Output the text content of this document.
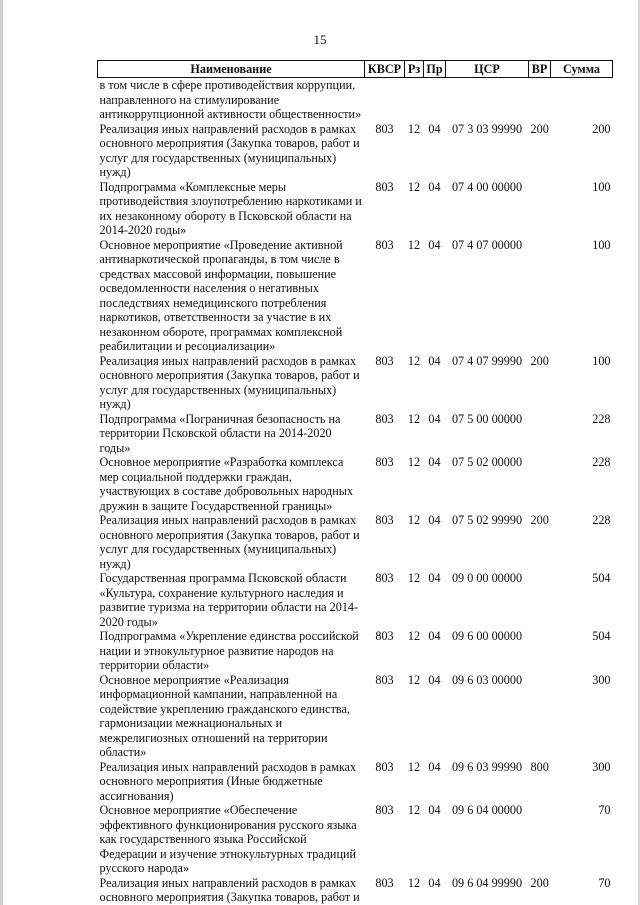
15
Наименование	КВСР	Рз	Пр	ЦСР	ВР	Сумма
в том числе в сфере противодействия коррупции, направленного на стимулирование антикоррупционной активности общественности»						
Реализация иных направлений расходов в рамках основного мероприятия (Закупка товаров, работ и услуг для государственных (муниципальных) нужд)	803	12	04	07 3 03 99990	200	200
Подпрограмма «Комплексные меры противодействия злоупотреблению наркотиками и их незаконному обороту в Псковской области на 2014-2020 годы»	803	12	04	07 4 00 00000		100
Основное мероприятие «Проведение активной антинаркотической пропаганды, в том числе в средствах массовой информации, повышение осведомленности населения о негативных последствиях немедицинского потребления наркотиков, ответственности за участие в их незаконном обороте, программах комплексной реабилитации и ресоциализации»	803	12	04	07 4 07 00000		100
Реализация иных направлений расходов в рамках основного мероприятия (Закупка товаров, работ и услуг для государственных (муниципальных) нужд)	803	12	04	07 4 07 99990	200	100
Подпрограмма «Пограничная безопасность на территории Псковской области на 2014-2020 годы»	803	12	04	07 5 00 00000		228
Основное мероприятие «Разработка комплекса мер социальной поддержки граждан, участвующих в составе добровольных народных дружин в защите Государственной границы»	803	12	04	07 5 02 00000		228
Реализация иных направлений расходов в рамках основного мероприятия (Закупка товаров, работ и услуг для государственных (муниципальных) нужд)	803	12	04	07 5 02 99990	200	228
Государственная программа Псковской области «Культура, сохранение культурного наследия и развитие туризма на территории области на 2014-2020 годы»	803	12	04	09 0 00 00000		504
Подпрограмма «Укрепление единства российской нации и этнокультурное развитие народов на территории области»	803	12	04	09 6 00 00000		504
Основное мероприятие «Реализация информационной кампании, направленной на содействие укреплению гражданского единства, гармонизации межнациональных и межрелигиозных отношений на территории области»	803	12	04	09 6 03 00000		300
Реализация иных направлений расходов в рамках основного мероприятия (Иные бюджетные ассигнования)	803	12	04	09 6 03 99990	800	300
Основное мероприятие «Обеспечение эффективного функционирования русского языка как государственного языка Российской Федерации и изучение этнокультурных традиций русского народа»	803	12	04	09 6 04 00000		70
Реализация иных направлений расходов в рамках основного мероприятия (Закупка товаров, работ и	803	12	04	09 6 04 99990	200	70
